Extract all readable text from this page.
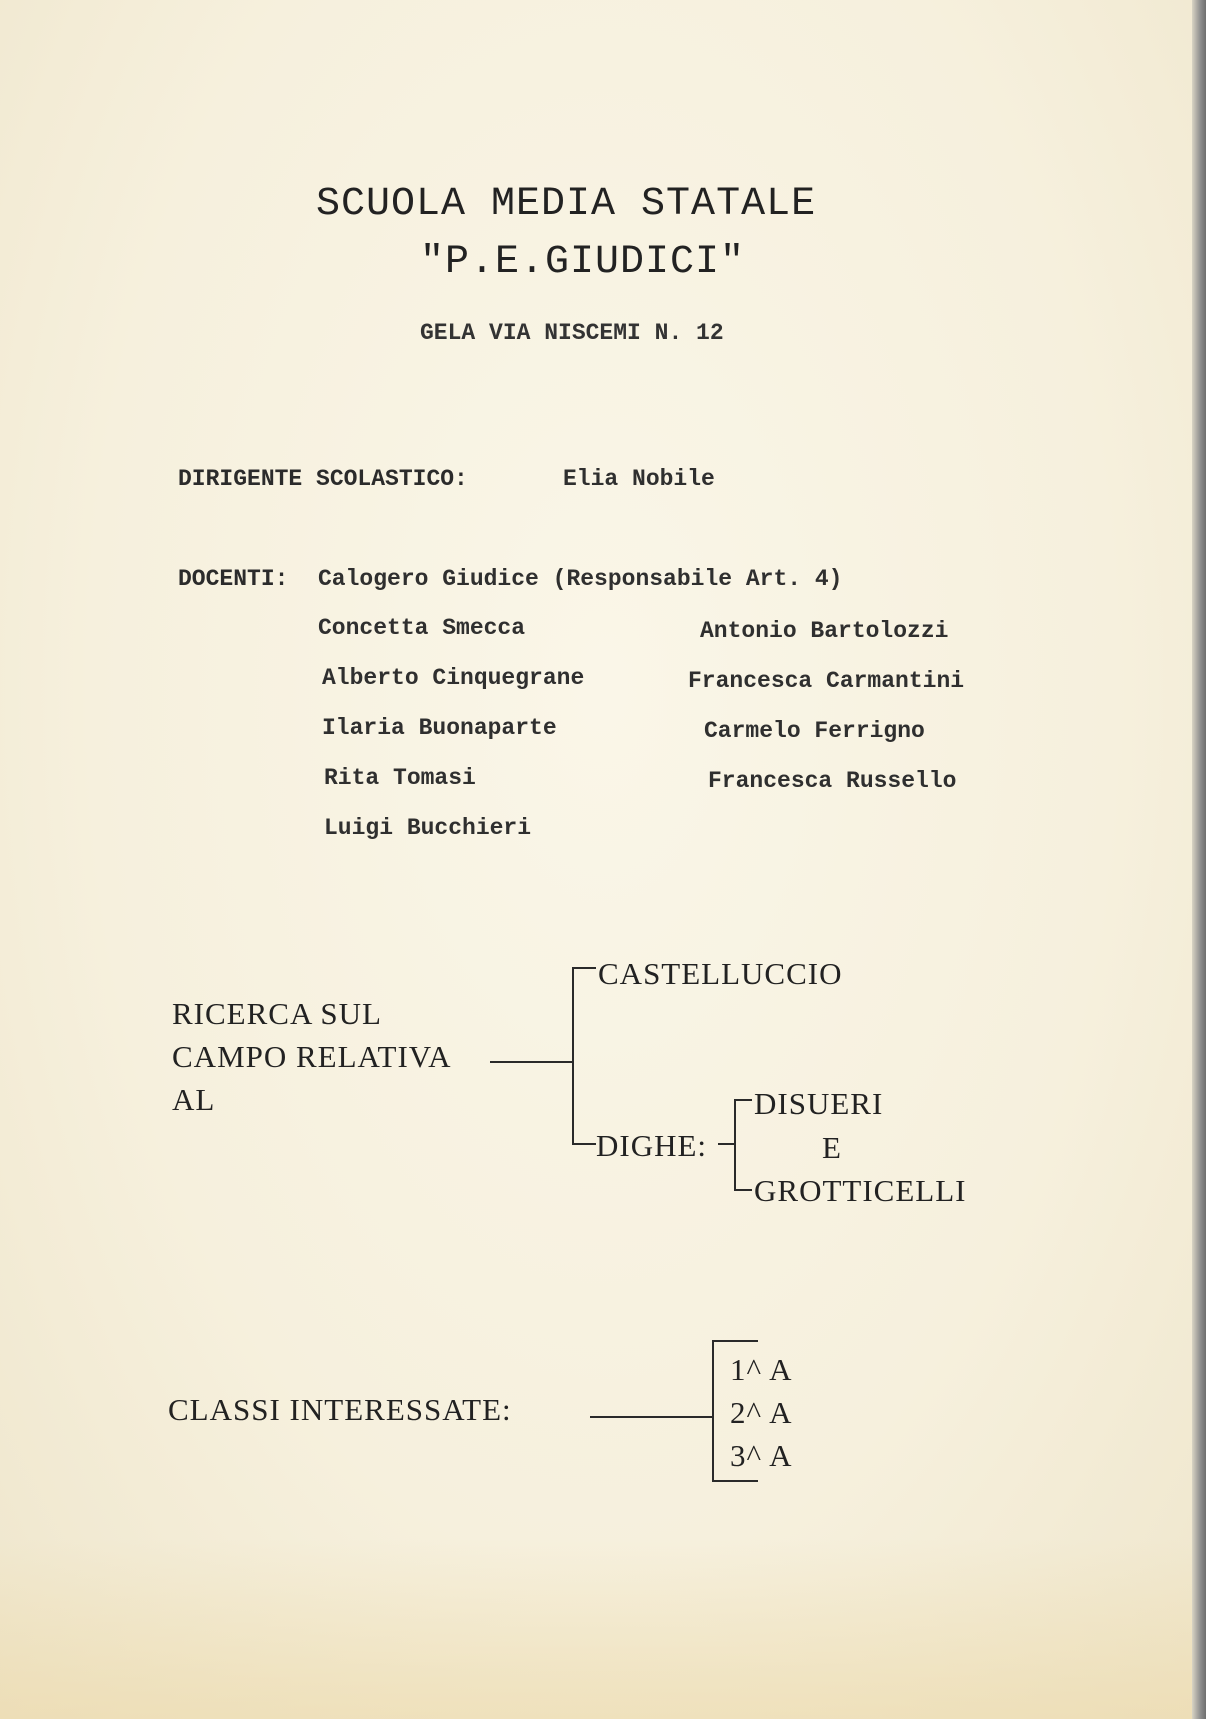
SCUOLA MEDIA STATALE
"P.E.GIUDICI"
GELA VIA NISCEMI N. 12
DIRIGENTE SCOLASTICO:	Elia Nobile
DOCENTI: Calogero Giudice (Responsabile Art. 4)
Concetta Smecca
Alberto Cinquegrane
Ilaria Buonaparte
Rita Tomasi
Luigi Bucchieri
Antonio Bartolozzi
Francesca Carmantini
Carmelo Ferrigno
Francesca Russello
RICERCA SUL
CAMPO RELATIVA
AL
CASTELLUCCIO
DIGHE:
DISUERI
E
GROTTICELLI
CLASSI INTERESSATE:
1^ A
2^ A
3^ A
